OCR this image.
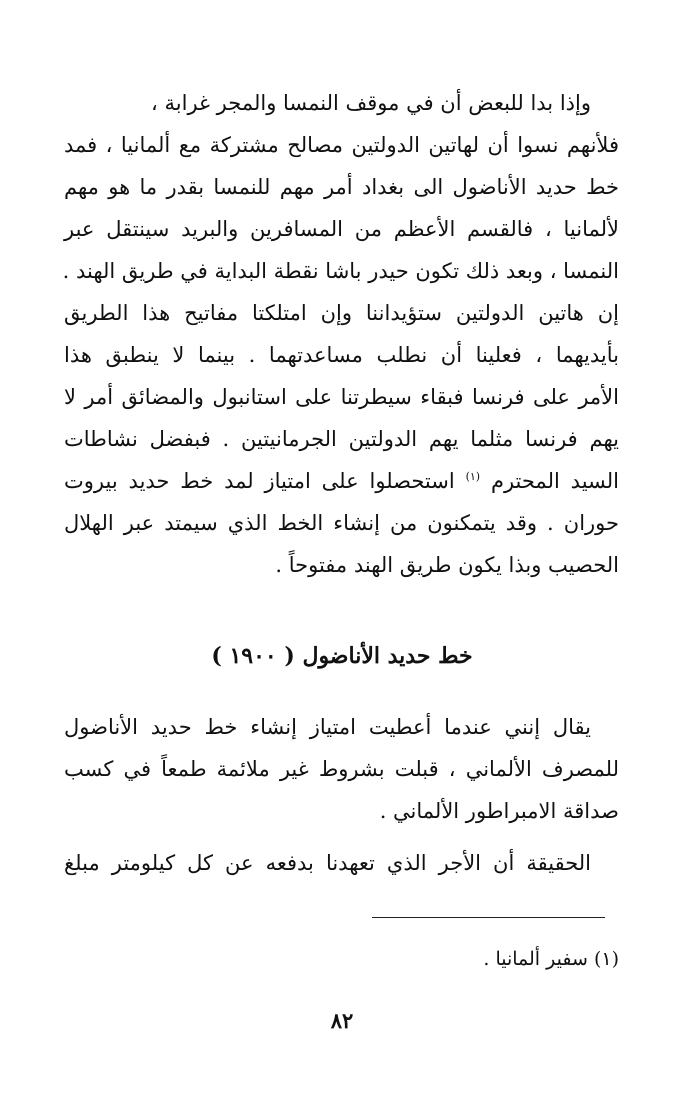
وإذا بدا للبعض أن في موقف النمسا والمجر غرابة ،
فلأنهم نسوا أن لهاتين الدولتين مصالح مشتركة مع ألمانيا ، فمد
خط حديد الأناضول الى بغداد أمر مهم للنمسا بقدر ما هو مهم
لألمانيا ، فالقسم الأعظم من المسافرين والبريد سينتقل عبر
النمسا ، وبعد ذلك تكون حيدر باشا نقطة البداية في طريق الهند .
إن هاتين الدولتين ستؤيداننا وإن امتلكتا مفاتيح هذا الطريق
بأيديهما ، فعلينا أن نطلب مساعدتهما . بينما لا ينطبق هذا
الأمر على فرنسا فبقاء سيطرتنا على استانبول والمضائق أمر لا
يهم فرنسا مثلما يهم الدولتين الجرمانيتين . فبفضل نشاطات
السيد المحترم $^{(١)}$ استحصلوا على امتياز لمد خط حديد بيروت
حوران . وقد يتمكنون من إنشاء الخط الذي سيمتد عبر الهلال
الحصيب وبذا يكون طريق الهند مفتوحاً .
خط حديد الأناضول ( ١٩٠٠ )
يقال إنني عندما أعطيت امتياز إنشاء خط حديد الأناضول
للمصرف الألماني ، قبلت بشروط غير ملائمة طمعاً في كسب
صداقة الامبراطور الألماني .
الحقيقة أن الأجر الذي تعهدنا بدفعه عن كل كيلومتر مبلغ
(١) سفير ألمانيا .
٨٢
